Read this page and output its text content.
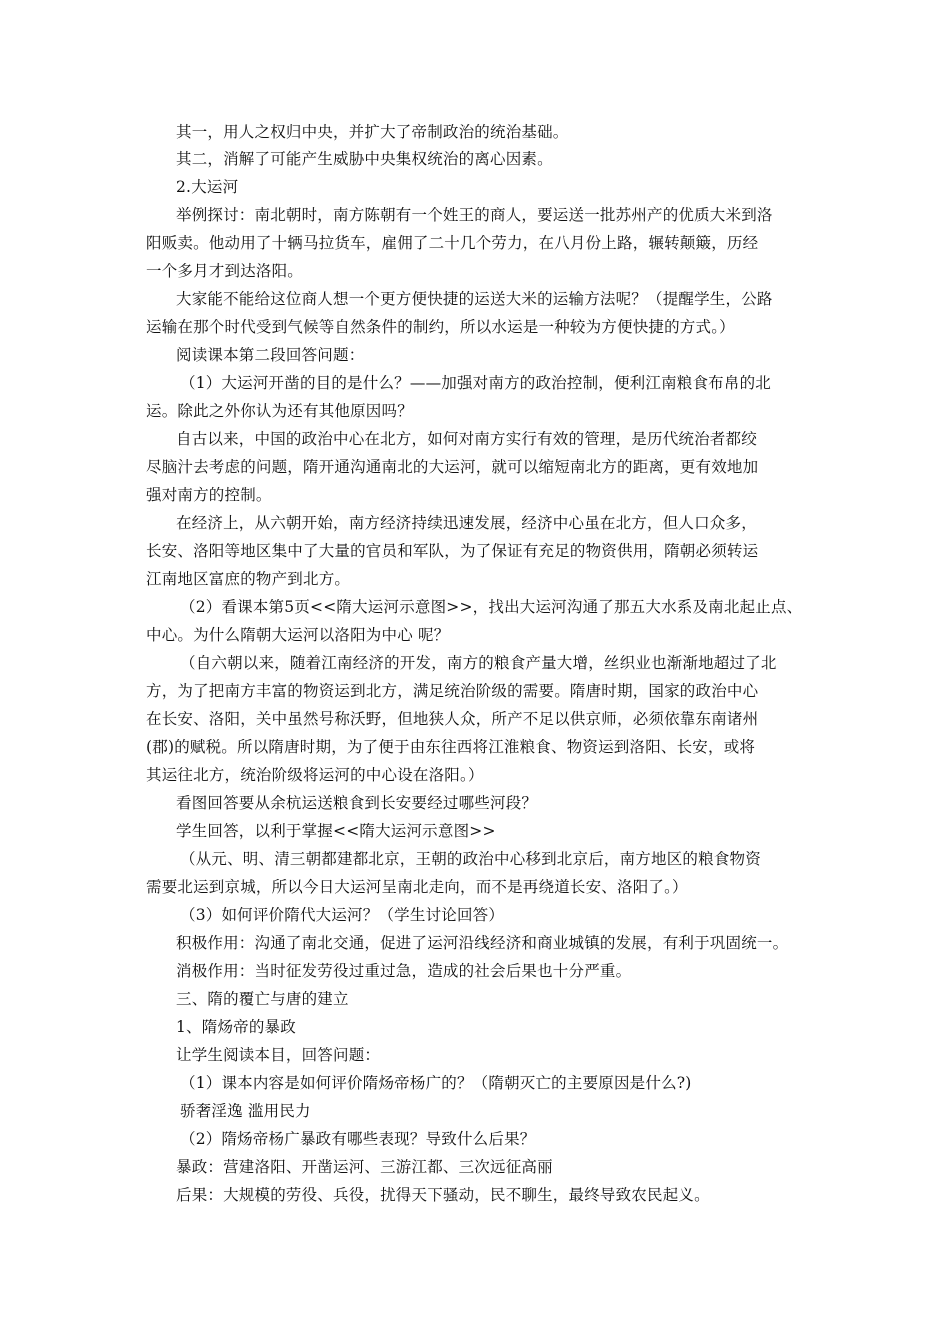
其一，用人之权归中央，并扩大了帝制政治的统治基础。
其二，消解了可能产生威胁中央集权统治的离心因素。
2.大运河
举例探讨：南北朝时，南方陈朝有一个姓王的商人，要运送一批苏州产的优质大米到洛
阳贩卖。他动用了十辆马拉货车，雇佣了二十几个劳力，在八月份上路，辗转颠簸，历经
一个多月才到达洛阳。
大家能不能给这位商人想一个更方便快捷的运送大米的运输方法呢？（提醒学生，公路
运输在那个时代受到气候等自然条件的制约，所以水运是一种较为方便快捷的方式。）
阅读课本第二段回答问题：
（1）大运河开凿的目的是什么？——加强对南方的政治控制，便利江南粮食布帛的北
运。除此之外你认为还有其他原因吗？
自古以来，中国的政治中心在北方，如何对南方实行有效的管理，是历代统治者都绞
尽脑汁去考虑的问题，隋开通沟通南北的大运河，就可以缩短南北方的距离，更有效地加
强对南方的控制。
在经济上，从六朝开始，南方经济持续迅速发展，经济中心虽在北方，但人口众多，
长安、洛阳等地区集中了大量的官员和军队，为了保证有充足的物资供用，隋朝必须转运
江南地区富庶的物产到北方。
（2）看课本第5页<<隋大运河示意图>>，找出大运河沟通了那五大水系及南北起止点、
中心。为什么隋朝大运河以洛阳为中心 呢？
（自六朝以来，随着江南经济的开发，南方的粮食产量大增，丝织业也渐渐地超过了北
方，为了把南方丰富的物资运到北方，满足统治阶级的需要。隋唐时期，国家的政治中心
在长安、洛阳，关中虽然号称沃野，但地狭人众，所产不足以供京师，必须依靠东南诸州
(郡)的赋税。所以隋唐时期，为了便于由东往西将江淮粮食、物资运到洛阳、长安，或将
其运往北方，统治阶级将运河的中心设在洛阳。）
看图回答要从余杭运送粮食到长安要经过哪些河段？
学生回答，以利于掌握<<隋大运河示意图>>
（从元、明、清三朝都建都北京，王朝的政治中心移到北京后，南方地区的粮食物资
需要北运到京城，所以今日大运河呈南北走向，而不是再绕道长安、洛阳了。）
（3）如何评价隋代大运河？（学生讨论回答）
积极作用：沟通了南北交通，促进了运河沿线经济和商业城镇的发展，有利于巩固统一。
消极作用：当时征发劳役过重过急，造成的社会后果也十分严重。
三、隋的覆亡与唐的建立
1、隋炀帝的暴政
让学生阅读本目，回答问题：
（1）课本内容是如何评价隋炀帝杨广的？（隋朝灭亡的主要原因是什么?)
骄奢淫逸 滥用民力
（2）隋炀帝杨广暴政有哪些表现？导致什么后果？
暴政：营建洛阳、开凿运河、三游江都、三次远征高丽
后果：大规模的劳役、兵役，扰得天下骚动，民不聊生，最终导致农民起义。
